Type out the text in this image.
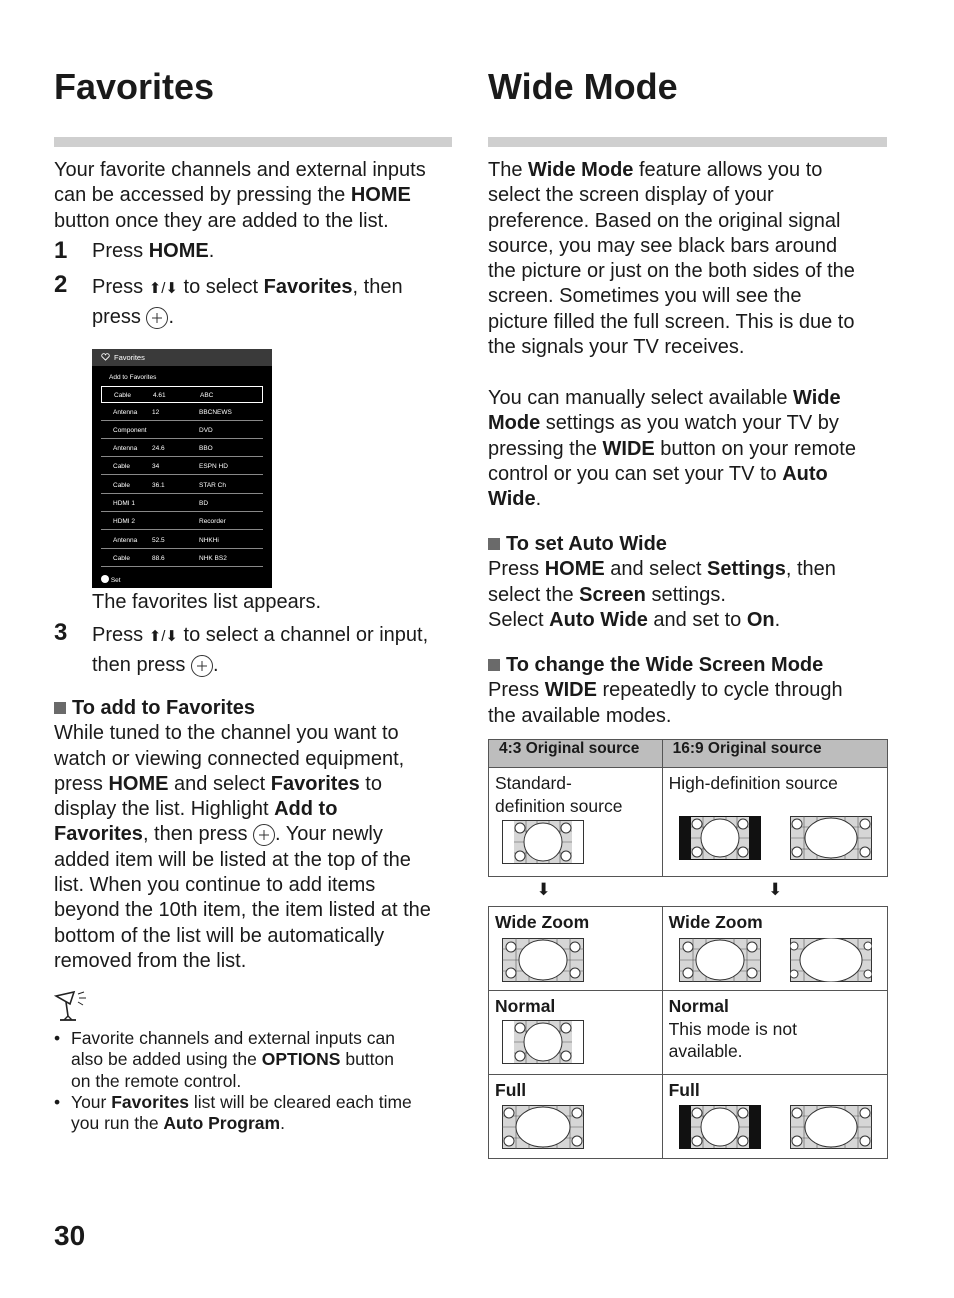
Favorites
Your favorite channels and external inputs
can be accessed by pressing the HOME
button once they are added to the list.
1 Press HOME.
2 Press ⬆/⬇ to select Favorites, then
press
.
Favorites
Add to Favorites
Cable	4.61	ABC
Antenna 12	BBCNEWS
Component	DVD
Antenna 24.6	BBO
Cable	34	ESPN HD
Cable	36.1	STAR Ch
HDMI 1	BD
HDMI 2	Recorder
Antenna 52.5	NHKHi
Cable	88.6	NHK BS2
Set
The favorites list appears.
3 Press ⬆/⬇ to select a channel or input,
then press
.
To add to Favorites
While tuned to the channel you want to
watch or viewing connected equipment,
press HOME and select Favorites to
display the list. Highlight Add to
Favorites, then press
. Your newly
added item will be listed at the top of the
list. When you continue to add items
beyond the 10th item, the item listed at the
bottom of the list will be automatically
removed from the list.
• Favorite channels and external inputs can
also be added using the OPTIONS button
on the remote control.
• Your Favorites list will be cleared each time
you run the Auto Program.
Wide Mode
The Wide Mode feature allows you to
select the screen display of your
preference. Based on the original signal
source, you may see black bars around
the picture or just on the both sides of the
screen. Sometimes you will see the
picture filled the full screen. This is due to
the signals your TV receives.
You can manually select available Wide
Mode settings as you watch your TV by
pressing the WIDE button on your remote
control or you can set your TV to Auto
Wide.
To set Auto Wide
Press HOME and select Settings, then
select the Screen settings.
Select Auto Wide and set to On.
To change the Wide Screen Mode
Press WIDE repeatedly to cycle through
the available modes.
4:3 Original source	16:9 Original source

Standard-
definition source	High-definition source

⬇	⬇

Wide Zoom	Wide Zoom

Normal	Normal
This mode is not
available.

Full	Full
30
